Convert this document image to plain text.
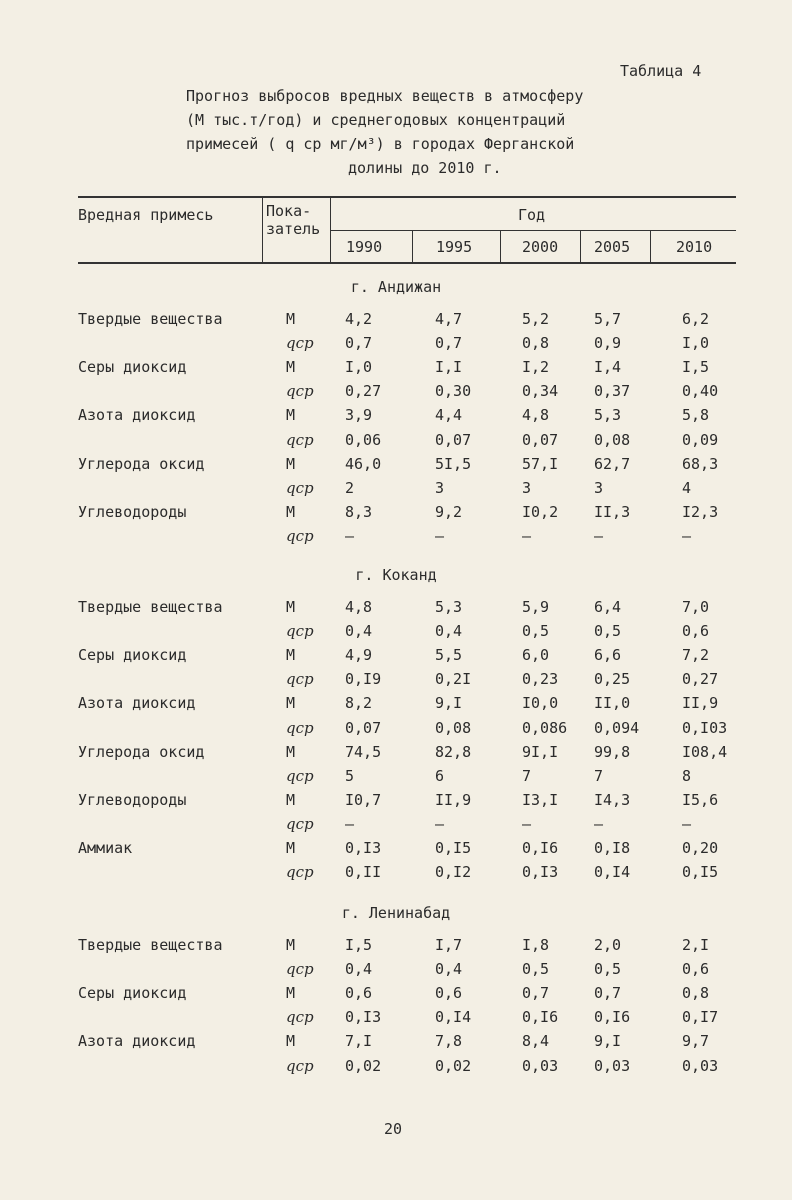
Таблица 4
Прогноз выбросов вредных веществ в атмосферу
(М тыс.т/год) и среднегодовых концентраций
примесей ( q cp мг/м³) в городах Ферганской
долины до 2010 г.
Вредная примесь	Пока-
затель
Год
1990	1995	2000 2005	2010
г. Андижан
Твердые вещества	М	4,2	4,7	5,2	5,7	6,2
qср 0,7	0,7	0,8	0,9	I,0
Серы диоксид	М	I,0	I,I	I,2	I,4	I,5
qср 0,27	0,30	0,34 0,37	0,40
Азота диоксид	М	3,9	4,4	4,8	5,3	5,8
qср 0,06	0,07	0,07 0,08	0,09
Углерода оксид	М	46,0	5I,5	57,I 62,7	68,3
qср 2	3	3	3	4
Углеводороды	М	8,3	9,2	I0,2 II,3	I2,3
qср –	–	–	–	–
г. Коканд
Твердые вещества	М	4,8	5,3	5,9	6,4	7,0
qср 0,4	0,4	0,5	0,5	0,6
Серы диоксид	М	4,9	5,5	6,0	6,6	7,2
qср 0,I9	0,2I	0,23 0,25	0,27
Азота диоксид	М	8,2	9,I	I0,0 II,0	II,9
qср 0,07	0,08	0,086 0,094	0,I03
Углерода оксид	М	74,5	82,8	9I,I 99,8	I08,4
qср 5	6	7	7	8
Углеводороды	М	I0,7	II,9	I3,I I4,3	I5,6
qср –	–	–	–	–
Аммиак	М	0,I3	0,I5	0,I6 0,I8	0,20
qср 0,II	0,I2	0,I3 0,I4	0,I5
г. Ленинабад
Твердые вещества	М	I,5	I,7	I,8	2,0	2,I
qср 0,4	0,4	0,5	0,5	0,6
Серы диоксид	М	0,6	0,6	0,7	0,7	0,8
qср 0,I3	0,I4	0,I6 0,I6	0,I7
Азота диоксид	М	7,I	7,8	8,4	9,I	9,7
qср 0,02	0,02	0,03 0,03	0,03
20
